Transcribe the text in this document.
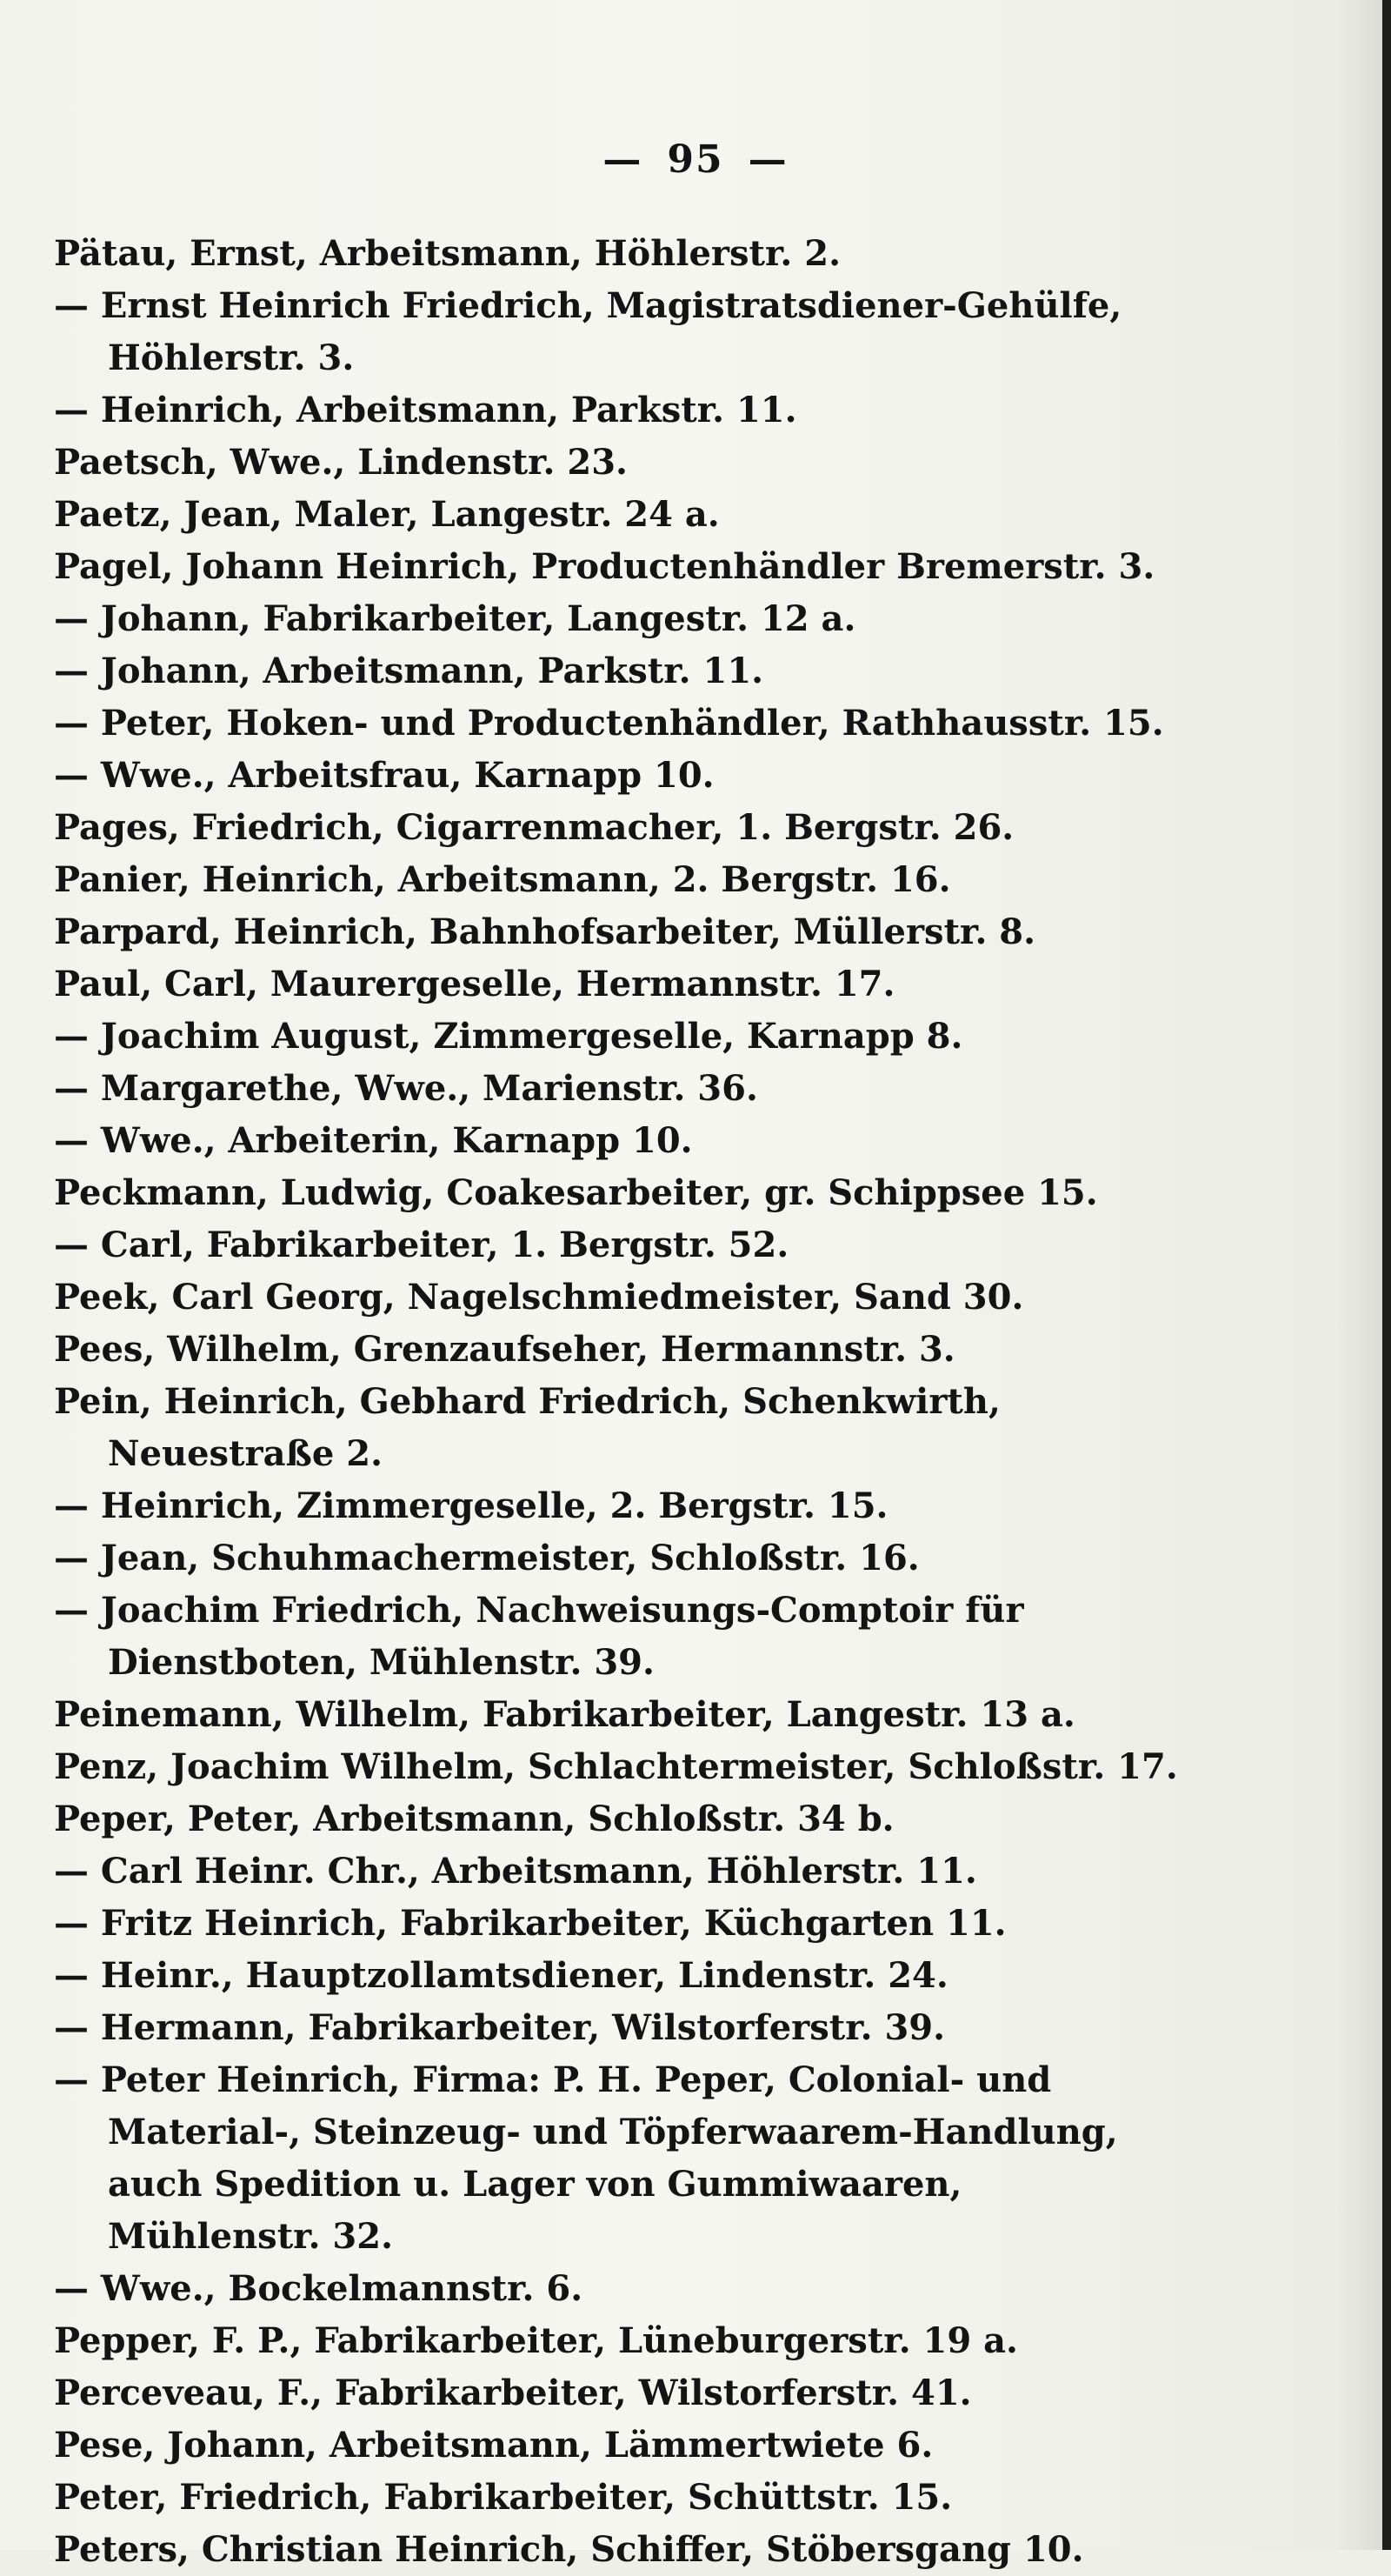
— 95 —
Pätau, Ernst, Arbeitsmann, Höhlerstr. 2.
— Ernst Heinrich Friedrich, Magistratsdiener-Gehülfe, Höhlerstr. 3.
— Heinrich, Arbeitsmann, Parkstr. 11.
Paetsch, Wwe., Lindenstr. 23.
Paetz, Jean, Maler, Langestr. 24 a.
Pagel, Johann Heinrich, Productenhändler Bremerstr. 3.
— Johann, Fabrikarbeiter, Langestr. 12 a.
— Johann, Arbeitsmann, Parkstr. 11.
— Peter, Hoken- und Productenhändler, Rathhausstr. 15.
— Wwe., Arbeitsfrau, Karnapp 10.
Pages, Friedrich, Cigarrenmacher, 1. Bergstr. 26.
Panier, Heinrich, Arbeitsmann, 2. Bergstr. 16.
Parpard, Heinrich, Bahnhofsarbeiter, Müllerstr. 8.
Paul, Carl, Maurergeselle, Hermannstr. 17.
— Joachim August, Zimmergeselle, Karnapp 8.
— Margarethe, Wwe., Marienstr. 36.
— Wwe., Arbeiterin, Karnapp 10.
Peckmann, Ludwig, Coakesarbeiter, gr. Schippsee 15.
— Carl, Fabrikarbeiter, 1. Bergstr. 52.
Peek, Carl Georg, Nagelschmiedmeister, Sand 30.
Pees, Wilhelm, Grenzaufseher, Hermannstr. 3.
Pein, Heinrich, Gebhard Friedrich, Schenkwirth, Neuestraße 2.
— Heinrich, Zimmergeselle, 2. Bergstr. 15.
— Jean, Schuhmachermeister, Schloßstr. 16.
— Joachim Friedrich, Nachweisungs-Comptoir für Dienstboten, Mühlenstr. 39.
Peinemann, Wilhelm, Fabrikarbeiter, Langestr. 13 a.
Penz, Joachim Wilhelm, Schlachtermeister, Schloßstr. 17.
Peper, Peter, Arbeitsmann, Schloßstr. 34 b.
— Carl Heinr. Chr., Arbeitsmann, Höhlerstr. 11.
— Fritz Heinrich, Fabrikarbeiter, Küchgarten 11.
— Heinr., Hauptzollamtsdiener, Lindenstr. 24.
— Hermann, Fabrikarbeiter, Wilstorferstr. 39.
— Peter Heinrich, Firma: P. H. Peper, Colonial- und Material-, Steinzeug- und Töpferwaarem-Handlung, auch Spedition u. Lager von Gummiwaaren, Mühlenstr. 32.
— Wwe., Bockelmannstr. 6.
Pepper, F. P., Fabrikarbeiter, Lüneburgerstr. 19 a.
Perceveau, F., Fabrikarbeiter, Wilstorferstr. 41.
Pese, Johann, Arbeitsmann, Lämmertwiete 6.
Peter, Friedrich, Fabrikarbeiter, Schüttstr. 15.
Peters, Christian Heinrich, Schiffer, Stöbersgang 10.
